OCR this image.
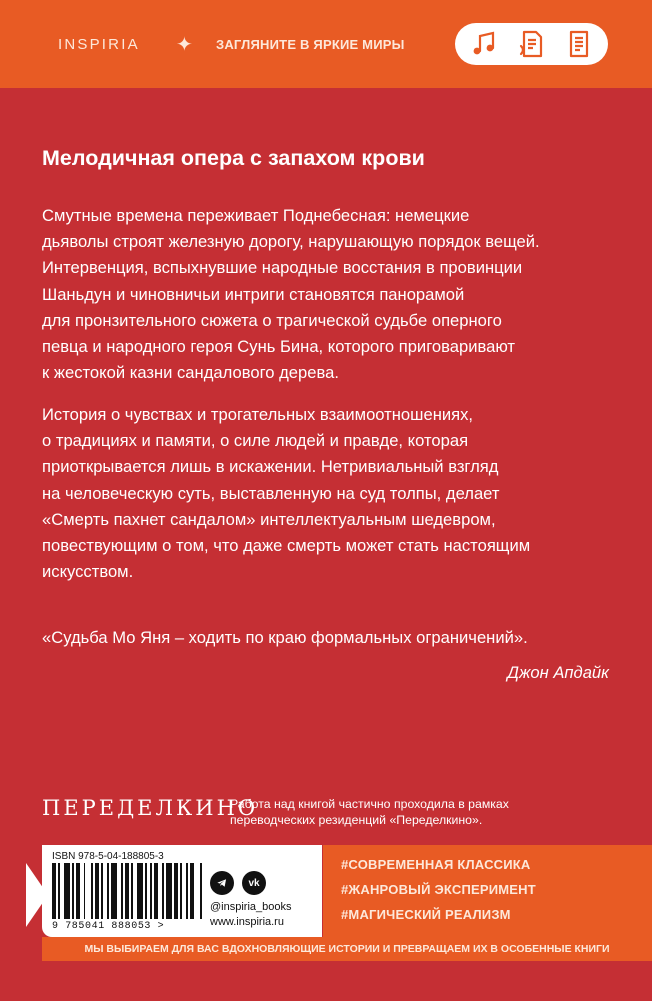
INSPIRIA ✦ ЗАГЛЯНИТЕ В ЯРКИЕ МИРЫ
Мелодичная опера с запахом крови

Смутные времена переживает Поднебесная: немецкие
дьяволы строят железную дорогу, нарушающую порядок вещей.
Интервенция, вспыхнувшие народные восстания в провинции
Шаньдун и чиновничьи интриги становятся панорамой
для пронзительного сюжета о трагической судьбе оперного
певца и народного героя Сунь Бина, которого приговаривают
к жестокой казни сандалового дерева.

История о чувствах и трогательных взаимоотношениях,
о традициях и памяти, о силе людей и правде, которая
приоткрывается лишь в искажении. Нетривиальный взгляд
на человеческую суть, выставленную на суд толпы, делает
«Смерть пахнет сандалом» интеллектуальным шедевром,
повествующим о том, что даже смерть может стать настоящим
искусством.

«Судьба Мо Яня – ходить по краю формальных ограничений».

Джон Апдайк

ПЕРЕДЕЛКИНО

Работа над книгой частично проходила в рамках
переводческих резиденций «Переделкино».

ISBN 978-5-04-188805-3
9 785041 888053 >
vk
@inspiria_books
www.inspiria.ru
#СОВРЕМЕННАЯ КЛАССИКА
#ЖАНРОВЫЙ ЭКСПЕРИМЕНТ
#МАГИЧЕСКИЙ РЕАЛИЗМ
МЫ ВЫБИРАЕМ ДЛЯ ВАС ВДОХНОВЛЯЮЩИЕ ИСТОРИИ И ПРЕВРАЩАЕМ ИХ В ОСОБЕННЫЕ КНИГИ
